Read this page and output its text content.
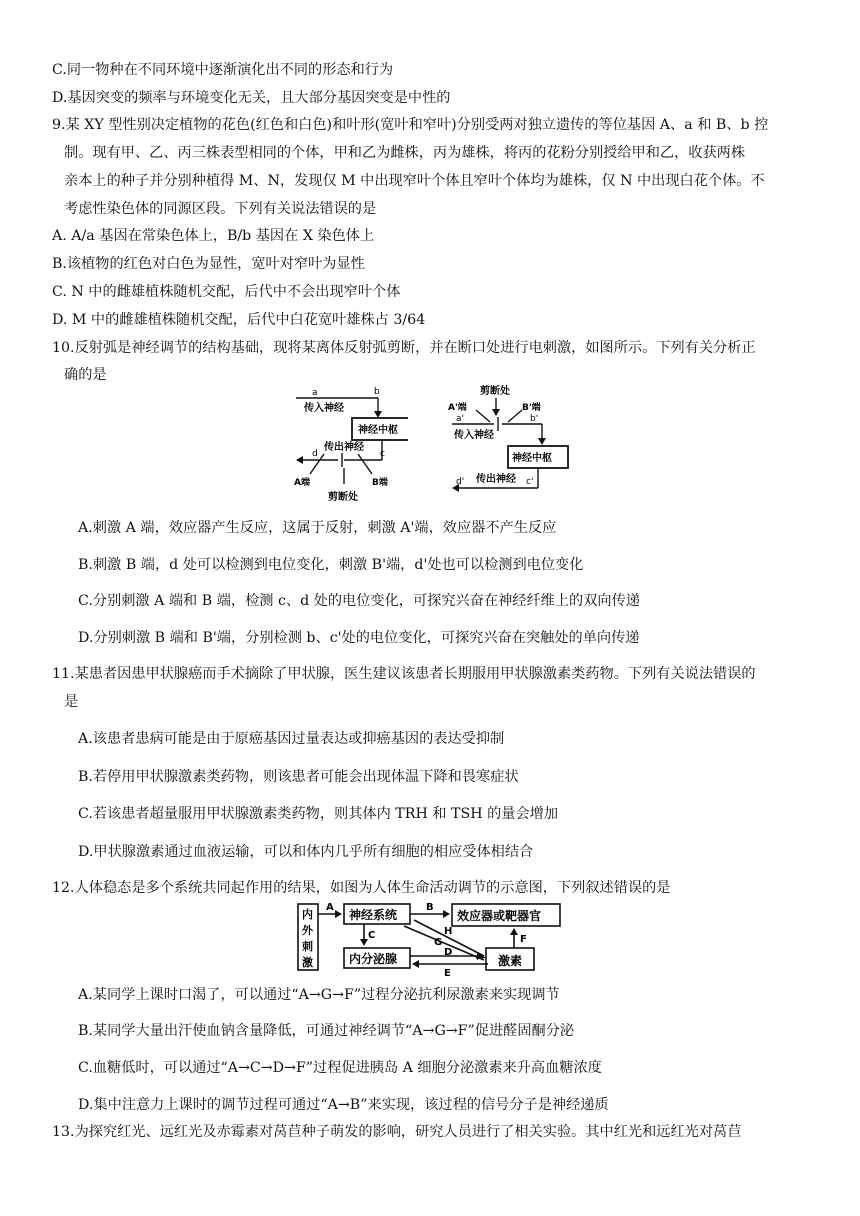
C.同一物种在不同环境中逐渐演化出不同的形态和行为
D.基因突变的频率与环境变化无关，且大部分基因突变是中性的
9.某 XY 型性别决定植物的花色(红色和白色)和叶形(宽叶和窄叶)分别受两对独立遗传的等位基因 A、a 和 B、b 控
制。现有甲、乙、丙三株表型相同的个体，甲和乙为雌株，丙为雄株，将丙的花粉分别授给甲和乙，收获两株
亲本上的种子并分别种植得 M、N，发现仅 M 中出现窄叶个体且窄叶个体均为雄株，仅 N 中出现白花个体。不
考虑性染色体的同源区段。下列有关说法错误的是
A. A/a 基因在常染色体上，B/b 基因在 X 染色体上
B.该植物的红色对白色为显性，宽叶对窄叶为显性
C. N 中的雌雄植株随机交配，后代中不会出现窄叶个体
D. M 中的雌雄植株随机交配，后代中白花宽叶雄株占 3/64
10.反射弧是神经调节的结构基础，现将某离体反射弧剪断，并在断口处进行电刺激，如图所示。下列有关分析正
确的是
a	b
传入神经
神经中枢
传出神经
d	c
A端	B端
剪断处
剪断处
A'端	B'端
a'	b'
传入神经
神经中枢
传出神经
d'	c'
A.刺激 A 端，效应器产生反应，这属于反射，刺激 A'端，效应器不产生反应
B.刺激 B 端，d 处可以检测到电位变化，刺激 B'端，d'处也可以检测到电位变化
C.分别刺激 A 端和 B 端，检测 c、d 处的电位变化，可探究兴奋在神经纤维上的双向传递
D.分别刺激 B 端和 B'端，分别检测 b、c'处的电位变化，可探究兴奋在突触处的单向传递
11.某患者因患甲状腺癌而手术摘除了甲状腺，医生建议该患者长期服用甲状腺激素类药物。下列有关说法错误的
是
A.该患者患病可能是由于原癌基因过量表达或抑癌基因的表达受抑制
B.若停用甲状腺激素类药物，则该患者可能会出现体温下降和畏寒症状
C.若该患者超量服用甲状腺激素类药物，则其体内 TRH 和 TSH 的量会增加
D.甲状腺激素通过血液运输，可以和体内几乎所有细胞的相应受体相结合
12.人体稳态是多个系统共同起作用的结果，如图为人体生命活动调节的示意图，下列叙述错误的是
内
外
刺
激
神经系统	效应器或靶器官
内分泌腺	激素
A	B
C
D
E
F
G
H
A.某同学上课时口渴了，可以通过“A→G→F”过程分泌抗利尿激素来实现调节
B.某同学大量出汗使血钠含量降低，可通过神经调节“A→G→F”促进醛固酮分泌
C.血糖低时，可以通过“A→C→D→F”过程促进胰岛 A 细胞分泌激素来升高血糖浓度
D.集中注意力上课时的调节过程可通过“A→B”来实现，该过程的信号分子是神经递质
13.为探究红光、远红光及赤霉素对莴苣种子萌发的影响，研究人员进行了相关实验。其中红光和远红光对莴苣
